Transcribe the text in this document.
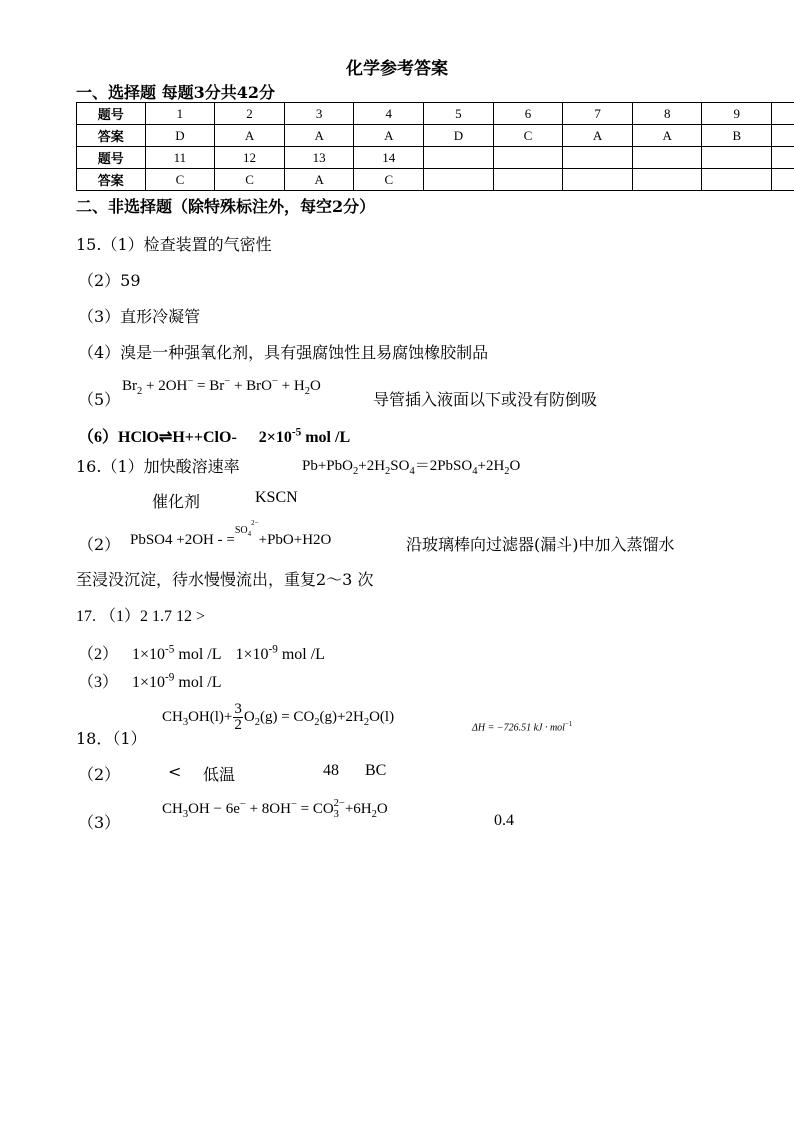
化学参考答案
一、选择题 每题3分共42分
题号	1	2	3	4	5	6	7	8	9	
答案	D	A	A	A	D	C	A	A	B	
题号	11	12	13	14						
答案	C	C	A	C						
二、非选择题（除特殊标注外，每空2分）
15.（1）检查装置的气密性
（2）59
（3）直形冷凝管
（4）溴是一种强氧化剂，具有强腐蚀性且易腐蚀橡胶制品
（5）
$Br_2 + 2OH^- = Br^- + BrO^- + H_2O$
导管插入液面以下或没有防倒吸
（6）HClO⇌H++ClO- $2\times 10^{-5}$ mol /L
16.（1）加快酸溶速率	$Pb+PbO_2+2H_2SO_4=2PbSO_4+2H_2O$
催化剂	KSCN
（2） PbSO4 +2OH - =$^{SO_4^{2-}}$+PbO+H2O	沿玻璃棒向过滤器(漏斗)中加入蒸馏水
至浸没沉淀，待水慢慢流出，重复2～3 次
17. （1）2 1.7 12 >
（2） $1\times 10^{-5}$ mol /L $1\times 10^{-9}$ mol /L
（3） $1\times 10^{-9}$ mol /L
18．（1）
$CH_3OH(l)+ \frac{3}{2} O_2(g) = CO_2(g)+2H_2O(l)$
ΔH = −726.51 kJ · mol$^{-1}$
（2）	< 低温	48 BC
（3）
$CH_3OH - 6e^- + 8OH^-$ = CO 2−
$3 +6H_2O$
0.4
